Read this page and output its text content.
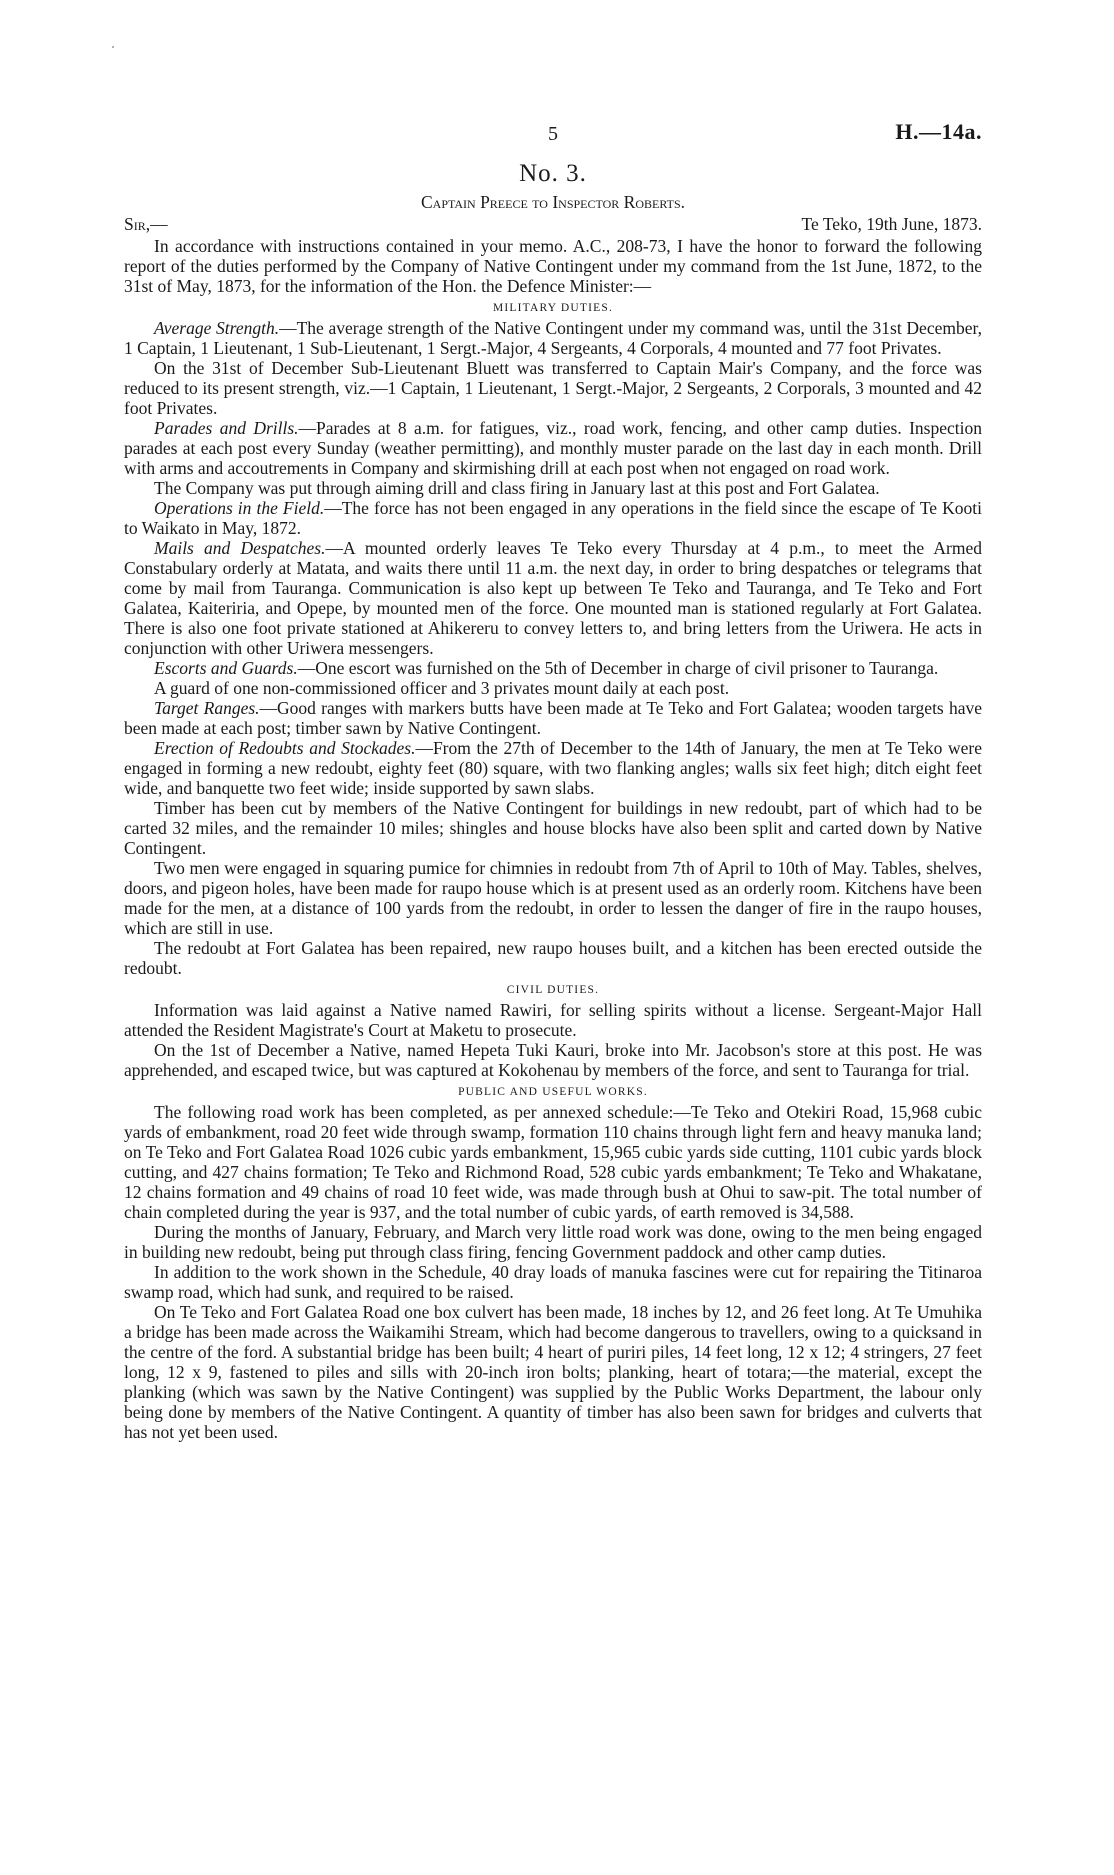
5	H.—14a.
No. 3.
Captain Preece to Inspector Roberts.
Sir,—	Te Teko, 19th June, 1873.

In accordance with instructions contained in your memo. A.C., 208-73, I have the honor to forward the following report of the duties performed by the Company of Native Contingent under my command from the 1st June, 1872, to the 31st of May, 1873, for the information of the Hon. the Defence Minister:—

MILITARY DUTIES.

Average Strength.—The average strength of the Native Contingent under my command was, until the 31st December, 1 Captain, 1 Lieutenant, 1 Sub-Lieutenant, 1 Sergt.-Major, 4 Sergeants, 4 Corporals, 4 mounted and 77 foot Privates.

On the 31st of December Sub-Lieutenant Bluett was transferred to Captain Mair's Company, and the force was reduced to its present strength, viz.—1 Captain, 1 Lieutenant, 1 Sergt.-Major, 2 Sergeants, 2 Corporals, 3 mounted and 42 foot Privates.

Parades and Drills.—Parades at 8 a.m. for fatigues, viz., road work, fencing, and other camp duties. Inspection parades at each post every Sunday (weather permitting), and monthly muster parade on the last day in each month. Drill with arms and accoutrements in Company and skirmishing drill at each post when not engaged on road work.

The Company was put through aiming drill and class firing in January last at this post and Fort Galatea.

Operations in the Field.—The force has not been engaged in any operations in the field since the escape of Te Kooti to Waikato in May, 1872.

Mails and Despatches.—A mounted orderly leaves Te Teko every Thursday at 4 p.m., to meet the Armed Constabulary orderly at Matata, and waits there until 11 a.m. the next day, in order to bring despatches or telegrams that come by mail from Tauranga. Communication is also kept up between Te Teko and Tauranga, and Te Teko and Fort Galatea, Kaiteriria, and Opepe, by mounted men of the force. One mounted man is stationed regularly at Fort Galatea. There is also one foot private stationed at Ahikereru to convey letters to, and bring letters from the Uriwera. He acts in conjunction with other Uriwera messengers.

Escorts and Guards.—One escort was furnished on the 5th of December in charge of civil prisoner to Tauranga.

A guard of one non-commissioned officer and 3 privates mount daily at each post.

Target Ranges.—Good ranges with markers butts have been made at Te Teko and Fort Galatea; wooden targets have been made at each post; timber sawn by Native Contingent.

Erection of Redoubts and Stockades.—From the 27th of December to the 14th of January, the men at Te Teko were engaged in forming a new redoubt, eighty feet (80) square, with two flanking angles; walls six feet high; ditch eight feet wide, and banquette two feet wide; inside supported by sawn slabs.

Timber has been cut by members of the Native Contingent for buildings in new redoubt, part of which had to be carted 32 miles, and the remainder 10 miles; shingles and house blocks have also been split and carted down by Native Contingent.

Two men were engaged in squaring pumice for chimnies in redoubt from 7th of April to 10th of May. Tables, shelves, doors, and pigeon holes, have been made for raupo house which is at present used as an orderly room. Kitchens have been made for the men, at a distance of 100 yards from the redoubt, in order to lessen the danger of fire in the raupo houses, which are still in use.

The redoubt at Fort Galatea has been repaired, new raupo houses built, and a kitchen has been erected outside the redoubt.

CIVIL DUTIES.

Information was laid against a Native named Rawiri, for selling spirits without a license. Sergeant-Major Hall attended the Resident Magistrate's Court at Maketu to prosecute.

On the 1st of December a Native, named Hepeta Tuki Kauri, broke into Mr. Jacobson's store at this post. He was apprehended, and escaped twice, but was captured at Kokohenau by members of the force, and sent to Tauranga for trial.

PUBLIC AND USEFUL WORKS.

The following road work has been completed, as per annexed schedule:—Te Teko and Otekiri Road, 15,968 cubic yards of embankment, road 20 feet wide through swamp, formation 110 chains through light fern and heavy manuka land; on Te Teko and Fort Galatea Road 1026 cubic yards embankment, 15,965 cubic yards side cutting, 1101 cubic yards block cutting, and 427 chains formation; Te Teko and Richmond Road, 528 cubic yards embankment; Te Teko and Whakatane, 12 chains formation and 49 chains of road 10 feet wide, was made through bush at Ohui to saw-pit. The total number of chain completed during the year is 937, and the total number of cubic yards, of earth removed is 34,588.

During the months of January, February, and March very little road work was done, owing to the men being engaged in building new redoubt, being put through class firing, fencing Government paddock and other camp duties.

In addition to the work shown in the Schedule, 40 dray loads of manuka fascines were cut for repairing the Titinaroa swamp road, which had sunk, and required to be raised.

On Te Teko and Fort Galatea Road one box culvert has been made, 18 inches by 12, and 26 feet long. At Te Umuhika a bridge has been made across the Waikamihi Stream, which had become dangerous to travellers, owing to a quicksand in the centre of the ford. A substantial bridge has been built; 4 heart of puriri piles, 14 feet long, 12 x 12; 4 stringers, 27 feet long, 12 x 9, fastened to piles and sills with 20-inch iron bolts; planking, heart of totara;—the material, except the planking (which was sawn by the Native Contingent) was supplied by the Public Works Department, the labour only being done by members of the Native Contingent. A quantity of timber has also been sawn for bridges and culverts that has not yet been used.
